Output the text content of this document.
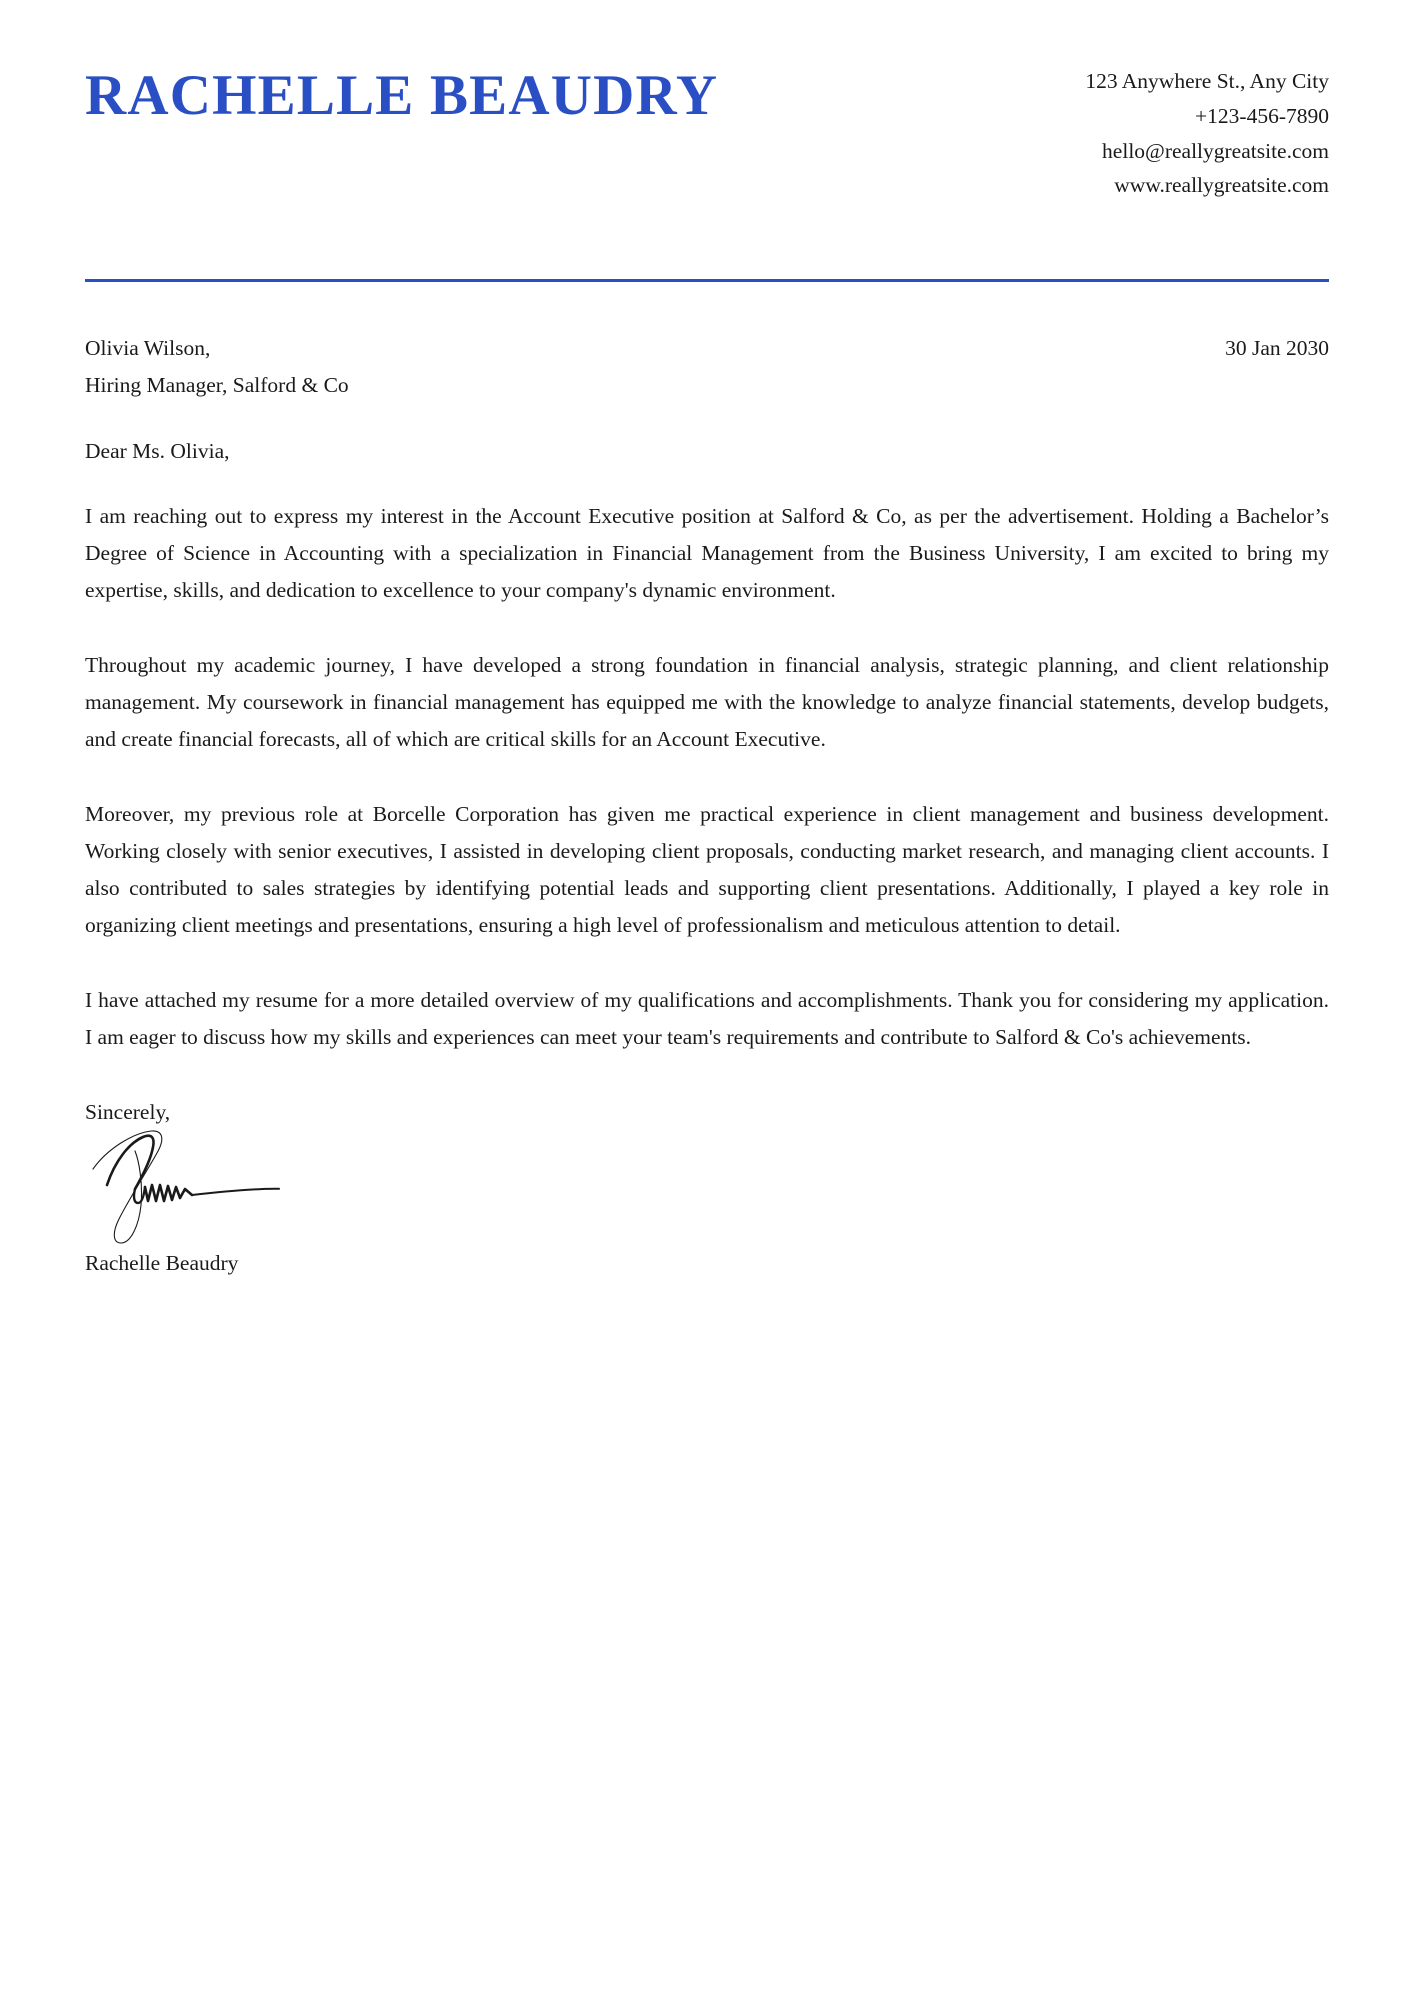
RACHELLE BEAUDRY	123 Anywhere St., Any City
+123-456-7890
hello@reallygreatsite.com
www.reallygreatsite.com
Olivia Wilson,
Hiring Manager, Salford & Co
30 Jan 2030
Dear Ms. Olivia,

I am reaching out to express my interest in the Account Executive position at Salford & Co, as per the advertisement. Holding a Bachelor’s Degree of Science in Accounting with a specialization in Financial Management from the Business University, I am excited to bring my expertise, skills, and dedication to excellence to your company's dynamic environment.

Throughout my academic journey, I have developed a strong foundation in financial analysis, strategic planning, and client relationship management. My coursework in financial management has equipped me with the knowledge to analyze financial statements, develop budgets, and create financial forecasts, all of which are critical skills for an Account Executive.

Moreover, my previous role at Borcelle Corporation has given me practical experience in client management and business development. Working closely with senior executives, I assisted in developing client proposals, conducting market research, and managing client accounts. I also contributed to sales strategies by identifying potential leads and supporting client presentations. Additionally, I played a key role in organizing client meetings and presentations, ensuring a high level of professionalism and meticulous attention to detail.

I have attached my resume for a more detailed overview of my qualifications and accomplishments. Thank you for considering my application. I am eager to discuss how my skills and experiences can meet your team's requirements and contribute to Salford & Co's achievements.

Sincerely,
Rachelle Beaudry
